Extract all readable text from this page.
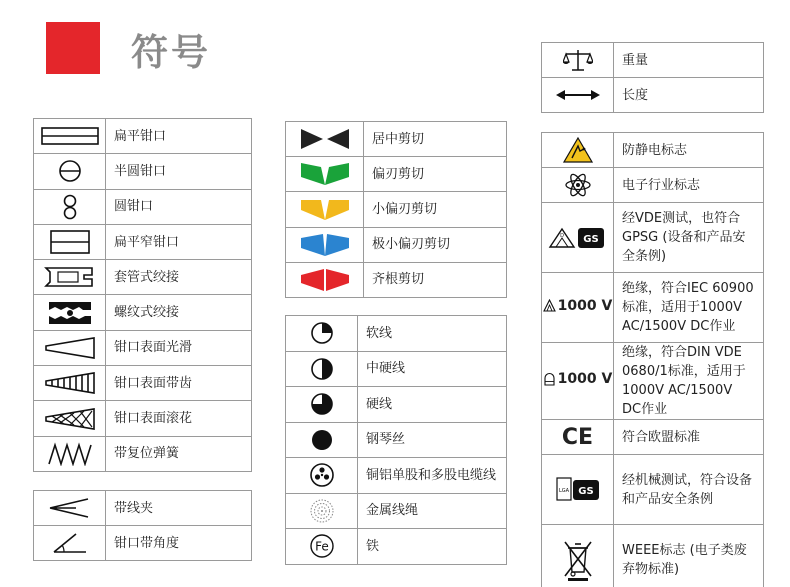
符号
	扁平钳口

	半圆钳口

	圆钳口

	扁平窄钳口

	套管式绞接

	螺纹式绞接

	钳口表面光滑

	钳口表面带齿

	钳口表面滚花

	带复位弹簧
	带线夹

	钳口带角度
	居中剪切

	偏刃剪切

	小偏刃剪切

	极小偏刃剪切

	齐根剪切
	软线

	中硬线

	硬线

	钢琴丝

	铜铝单股和多股电缆线

	金属线绳

Fe	铁
	重量

	长度
	防静电标志

	电子行业标志

D GS	经VDE测试，也符合GPSG (设备和产品安全条例)

1000 V	绝缘，符合IEC 60900标准，适用于1000V AC/1500V DC作业

1000 V	绝缘，符合DIN VDE 0680/1标准，适用于1000V AC/1500V DC作业
CE	符合欧盟标准

LGA GS	经机械测试，符合设备和产品安全条例

	WEEE标志 (电子类废弃物标准)
